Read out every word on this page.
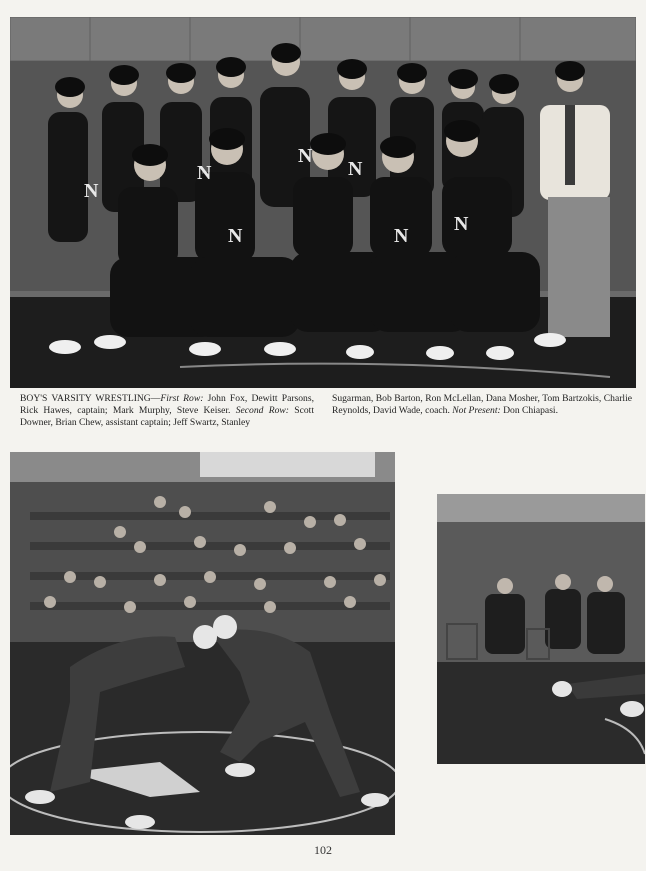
N
N
N
N
N
N
N
BOY'S VARSITY WRESTLING—First Row: John Fox, Dewitt Parsons, Rick Hawes, captain; Mark Murphy, Steve Keiser. Second Row: Scott Downer, Brian Chew, assistant captain; Jeff Swartz, Stanley
Sugarman, Bob Barton, Ron McLellan, Dana Mosher, Tom Bartzokis, Charlie Reynolds, David Wade, coach. Not Present: Don Chiapasi.
102
